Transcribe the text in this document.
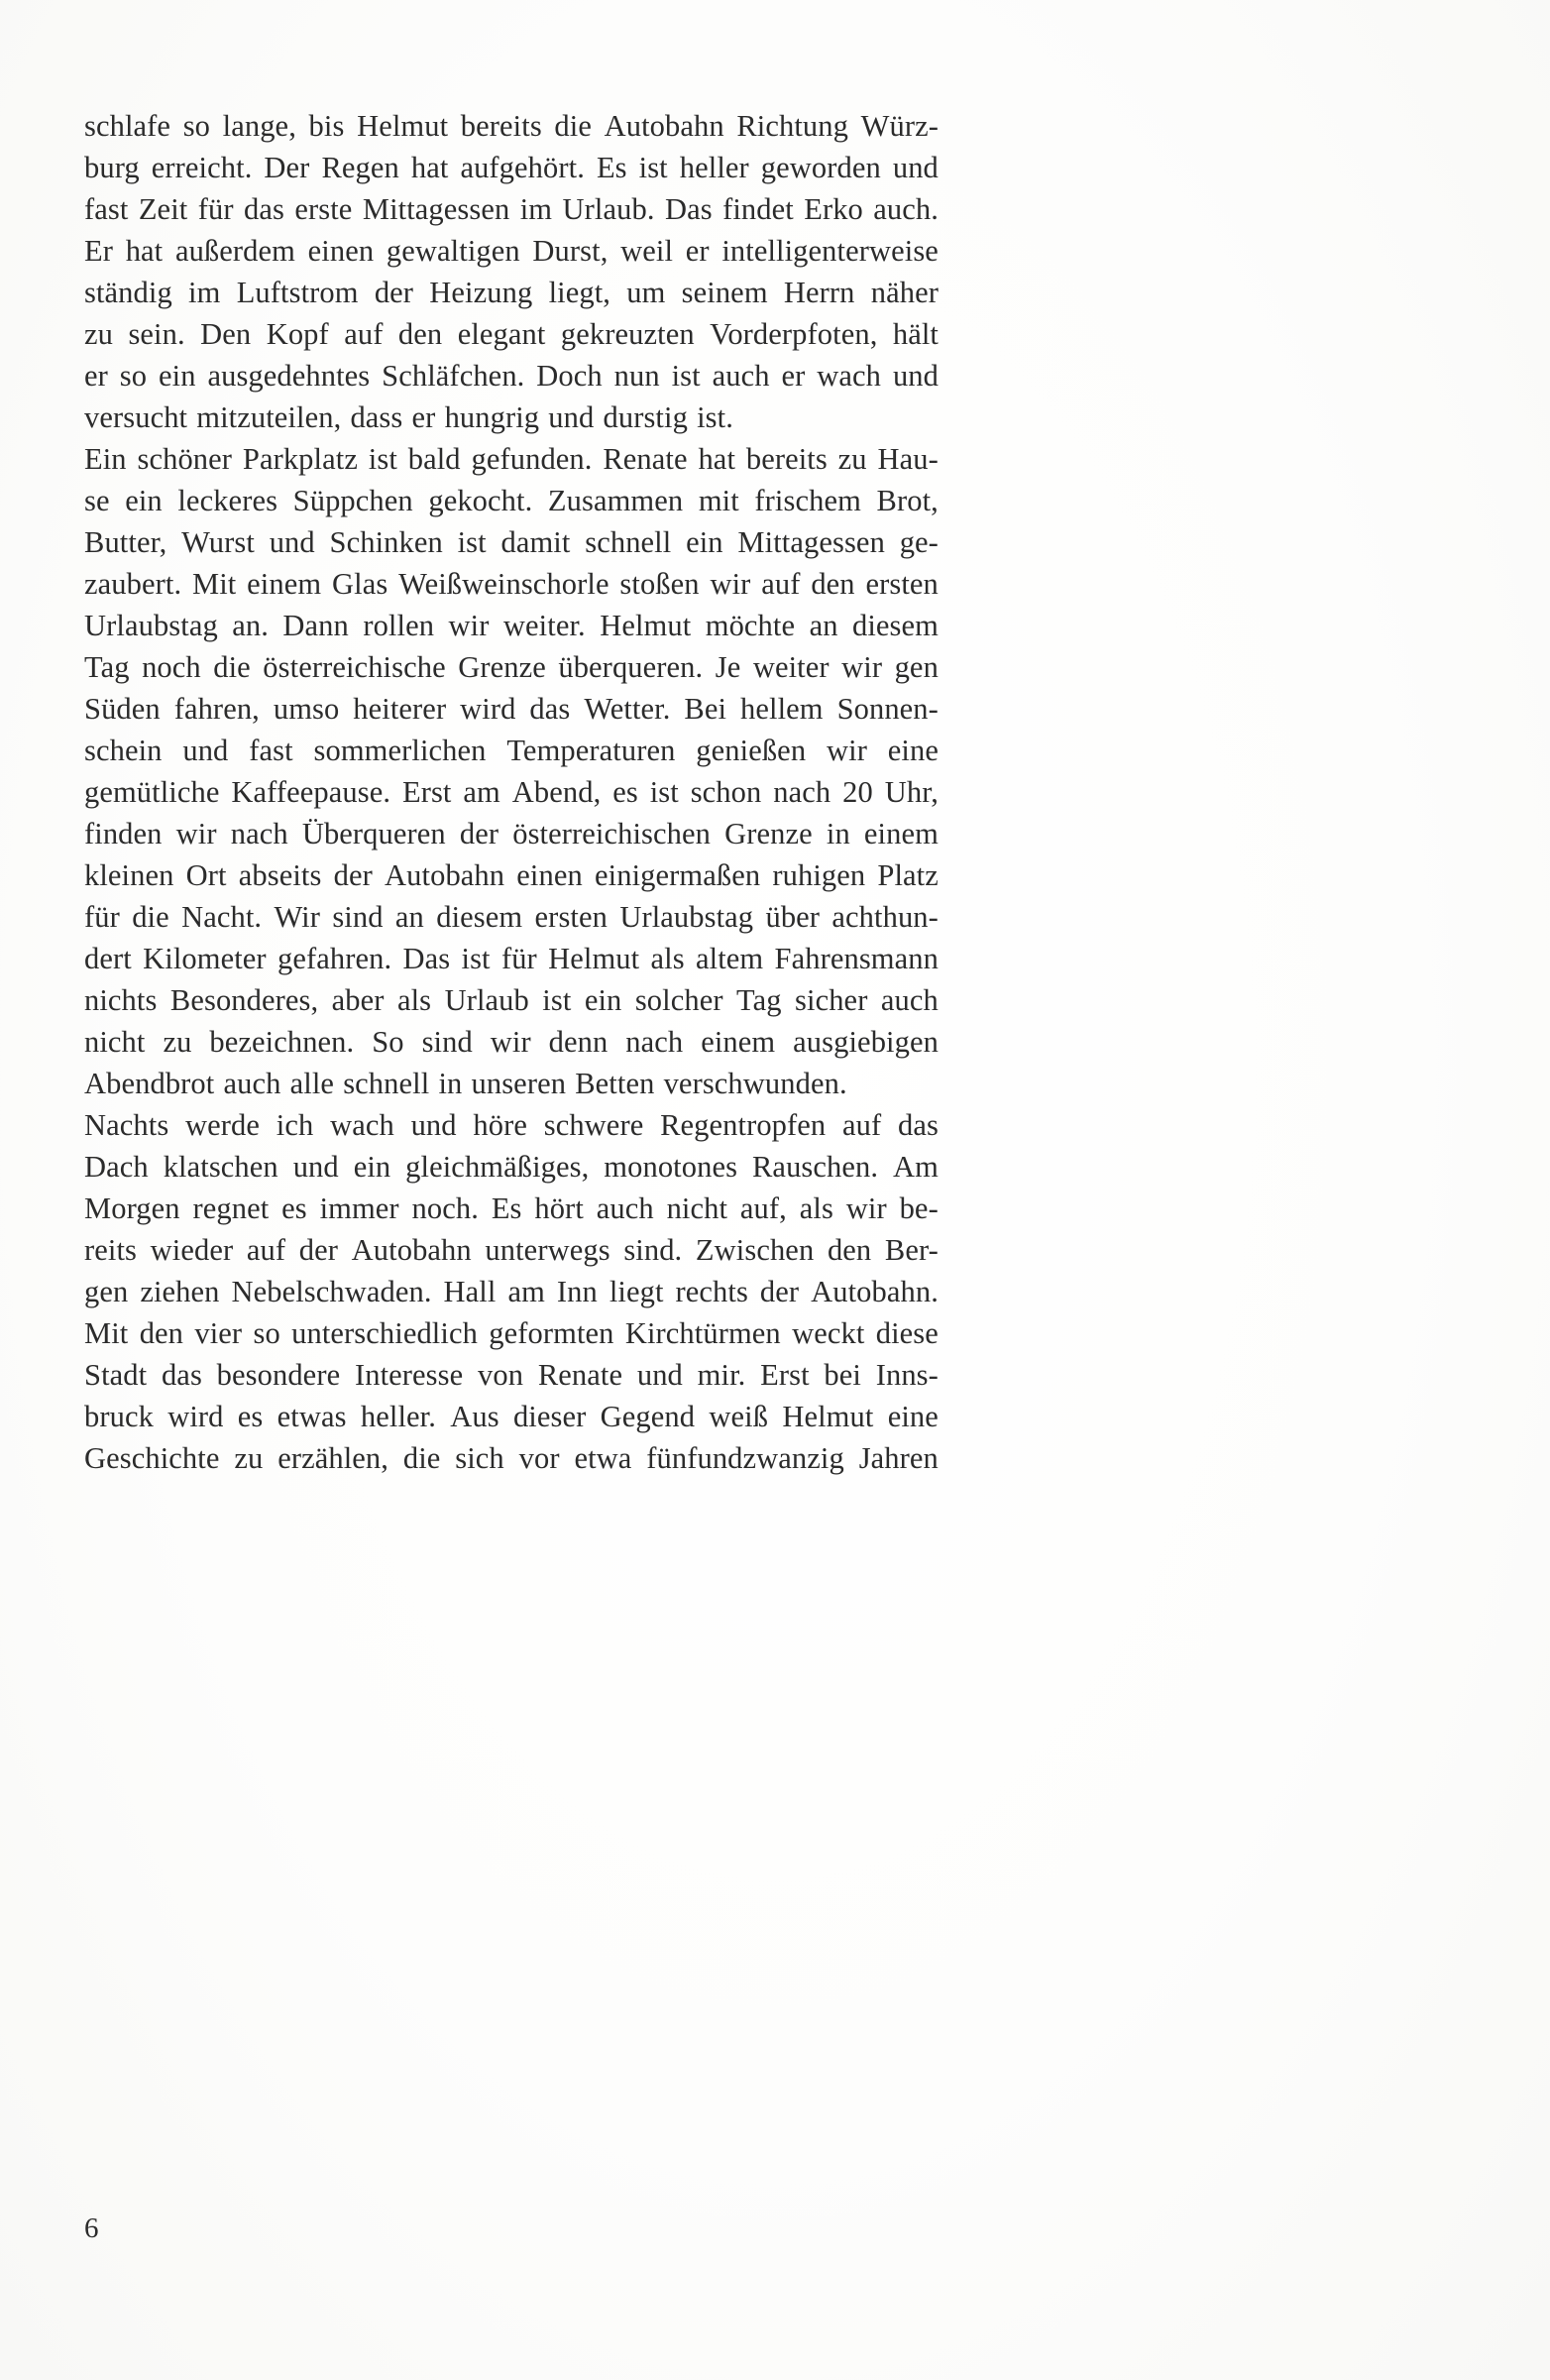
schlafe so lange, bis Helmut bereits die Autobahn Richtung Würz-
burg erreicht. Der Regen hat aufgehört. Es ist heller geworden und
fast Zeit für das erste Mittagessen im Urlaub. Das findet Erko auch.
Er hat außerdem einen gewaltigen Durst, weil er intelligenterweise
ständig im Luftstrom der Heizung liegt, um seinem Herrn näher
zu sein. Den Kopf auf den elegant gekreuzten Vorderpfoten, hält
er so ein ausgedehntes Schläfchen. Doch nun ist auch er wach und
versucht mitzuteilen, dass er hungrig und durstig ist.
Ein schöner Parkplatz ist bald gefunden. Renate hat bereits zu Hau-
se ein leckeres Süppchen gekocht. Zusammen mit frischem Brot,
Butter, Wurst und Schinken ist damit schnell ein Mittagessen ge-
zaubert. Mit einem Glas Weißweinschorle stoßen wir auf den ersten
Urlaubstag an. Dann rollen wir weiter. Helmut möchte an diesem
Tag noch die österreichische Grenze überqueren. Je weiter wir gen
Süden fahren, umso heiterer wird das Wetter. Bei hellem Sonnen-
schein und fast sommerlichen Temperaturen genießen wir eine
gemütliche Kaffeepause. Erst am Abend, es ist schon nach 20 Uhr,
finden wir nach Überqueren der österreichischen Grenze in einem
kleinen Ort abseits der Autobahn einen einigermaßen ruhigen Platz
für die Nacht. Wir sind an diesem ersten Urlaubstag über achthun-
dert Kilometer gefahren. Das ist für Helmut als altem Fahrensmann
nichts Besonderes, aber als Urlaub ist ein solcher Tag sicher auch
nicht zu bezeichnen. So sind wir denn nach einem ausgiebigen
Abendbrot auch alle schnell in unseren Betten verschwunden.
Nachts werde ich wach und höre schwere Regentropfen auf das
Dach klatschen und ein gleichmäßiges, monotones Rauschen. Am
Morgen regnet es immer noch. Es hört auch nicht auf, als wir be-
reits wieder auf der Autobahn unterwegs sind. Zwischen den Ber-
gen ziehen Nebelschwaden. Hall am Inn liegt rechts der Autobahn.
Mit den vier so unterschiedlich geformten Kirchtürmen weckt diese
Stadt das besondere Interesse von Renate und mir. Erst bei Inns-
bruck wird es etwas heller. Aus dieser Gegend weiß Helmut eine
Geschichte zu erzählen, die sich vor etwa fünfundzwanzig Jahren
6
